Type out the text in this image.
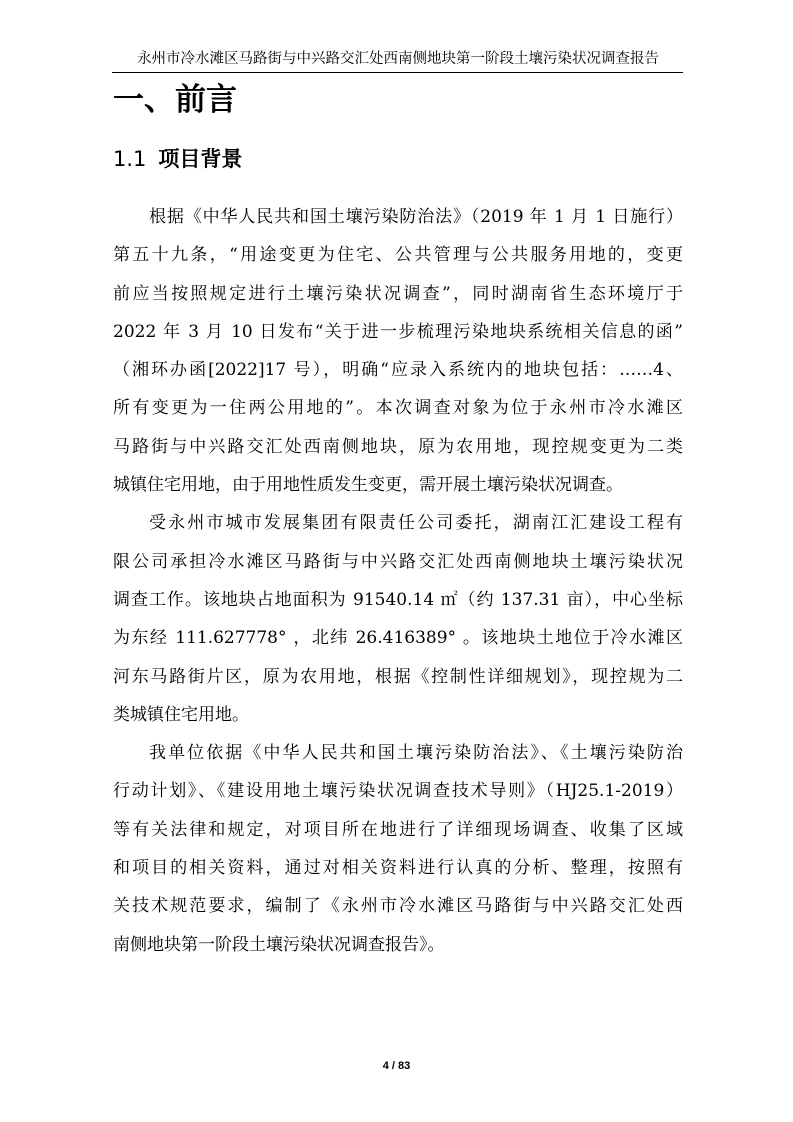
永州市冷水滩区马路街与中兴路交汇处西南侧地块第一阶段土壤污染状况调查报告
一、前言
1.1 项目背景
根据《中华人民共和国土壤污染防治法》（2019 年 1 月 1 日施行）
第五十九条，“用途变更为住宅、公共管理与公共服务用地的，变更
前应当按照规定进行土壤污染状况调查”，同时湖南省生态环境厅于
2022 年 3 月 10 日发布“关于进一步梳理污染地块系统相关信息的函”
（湘环办函[2022]17 号），明确“应录入系统内的地块包括：……4、
所有变更为一住两公用地的”。本次调查对象为位于永州市冷水滩区
马路街与中兴路交汇处西南侧地块，原为农用地，现控规变更为二类
城镇住宅用地，由于用地性质发生变更，需开展土壤污染状况调查。
受永州市城市发展集团有限责任公司委托，湖南江汇建设工程有
限公司承担冷水滩区马路街与中兴路交汇处西南侧地块土壤污染状况
调查工作。该地块占地面积为 91540.14 ㎡（约 137.31 亩），中心坐标
为东经 111.627778° ，北纬 26.416389° 。该地块土地位于冷水滩区
河东马路街片区，原为农用地，根据《控制性详细规划》，现控规为二
类城镇住宅用地。
我单位依据《中华人民共和国土壤污染防治法》、《土壤污染防治
行动计划》、《建设用地土壤污染状况调查技术导则》（HJ25.1-2019）
等有关法律和规定，对项目所在地进行了详细现场调查、收集了区域
和项目的相关资料，通过对相关资料进行认真的分析、整理，按照有
关技术规范要求，编制了《永州市冷水滩区马路街与中兴路交汇处西
南侧地块第一阶段土壤污染状况调查报告》。
4 / 83
